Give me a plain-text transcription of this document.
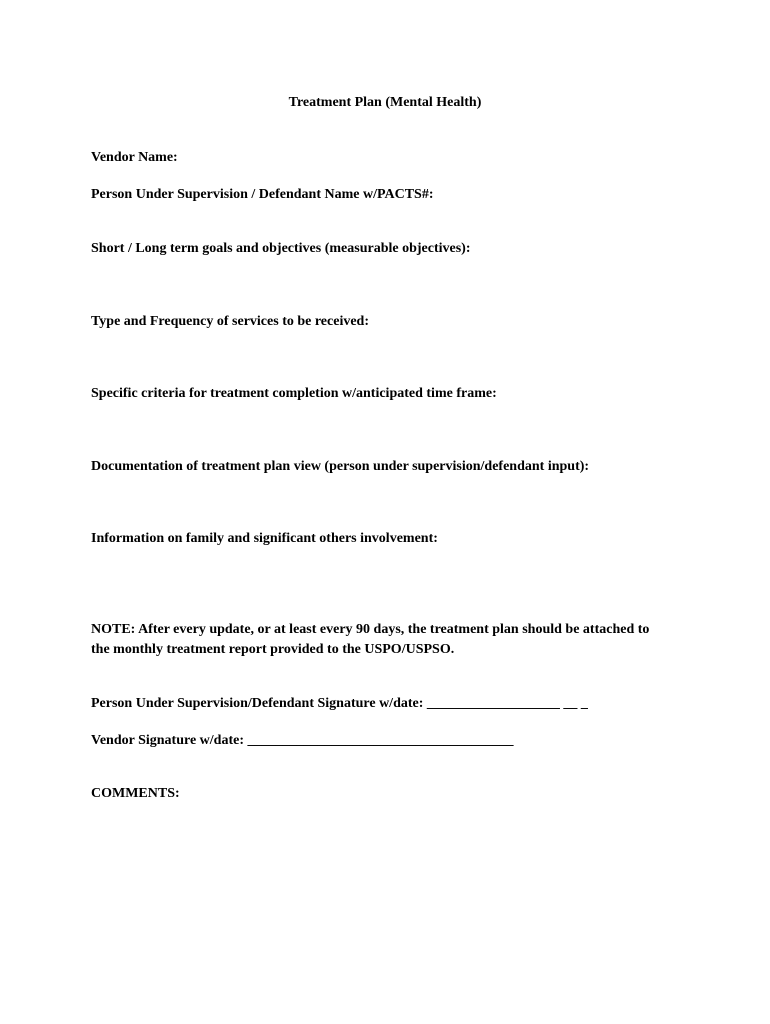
Treatment Plan (Mental Health)
Vendor Name:
Person Under Supervision / Defendant Name w/PACTS#:
Short / Long term goals and objectives (measurable objectives):
Type and Frequency of services to be received:
Specific criteria for treatment completion w/anticipated time frame:
Documentation of treatment plan view (person under supervision/defendant input):
Information on family and significant others involvement:
NOTE: After every update, or at least every 90 days, the treatment plan should be attached to
the monthly treatment report provided to the USPO/USPSO.
Person Under Supervision/Defendant Signature w/date: ___________________ __ _
Vendor Signature w/date: ______________________________________
COMMENTS:
